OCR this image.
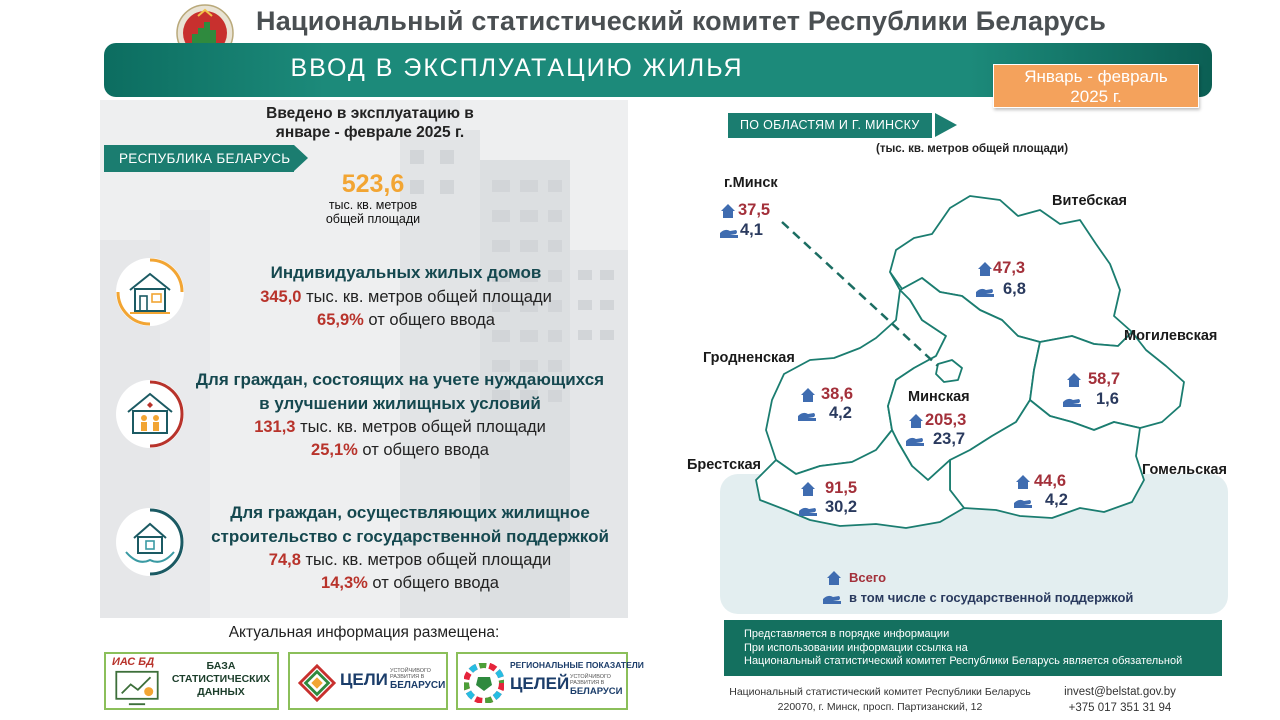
Национальный статистический комитет Республики Беларусь
ВВОД В ЭКСПЛУАТАЦИЮ ЖИЛЬЯ	Январь - февраль
2025 г.
Введено в эксплуатацию в
январе - феврале 2025 г.
РЕСПУБЛИКА БЕЛАРУСЬ
523,6
тыс. кв. метров
общей площади
Индивидуальных жилых домов
345,0 тыс. кв. метров общей площади
65,9% от общего ввода
Для граждан, состоящих на учете нуждающихся
в улучшении жилищных условий
131,3 тыс. кв. метров общей площади
25,1% от общего ввода
Для граждан, осуществляющих жилищное
строительство с государственной поддержкой
74,8 тыс. кв. метров общей площади
14,3% от общего ввода
Актуальная информация размещена:
ИАС БД	БАЗА
СТАТИСТИЧЕСКИХ
ДАННЫХ
ЦЕЛИ УСТОЙЧИВОГО РАЗВИТИЯ В
БЕЛАРУСИ
РЕГИОНАЛЬНЫЕ ПОКАЗАТЕЛИ
ЦЕЛЕЙ УСТОЙЧИВОГО РАЗВИТИЯ В
БЕЛАРУСИ
ПО ОБЛАСТЯМ И Г. МИНСКУ
(тыс. кв. метров общей площади)
г.Минск
Витебская
Могилевская
Гродненская
Минская
Брестская	Гомельская
37,5
4,1
47,3
6,8
58,7
1,6
38,6
4,2	205,3
23,7
91,5
30,2
44,6
4,2
Всего
в том числе с государственной поддержкой
Представляется в порядке информации
При использовании информации ссылка на
Национальный статистический комитет Республики Беларусь является обязательной
Национальный статистический комитет Республики Беларусь
220070, г. Минск, просп. Партизанский, 12
invest@belstat.gov.by
+375 017 351 31 94
